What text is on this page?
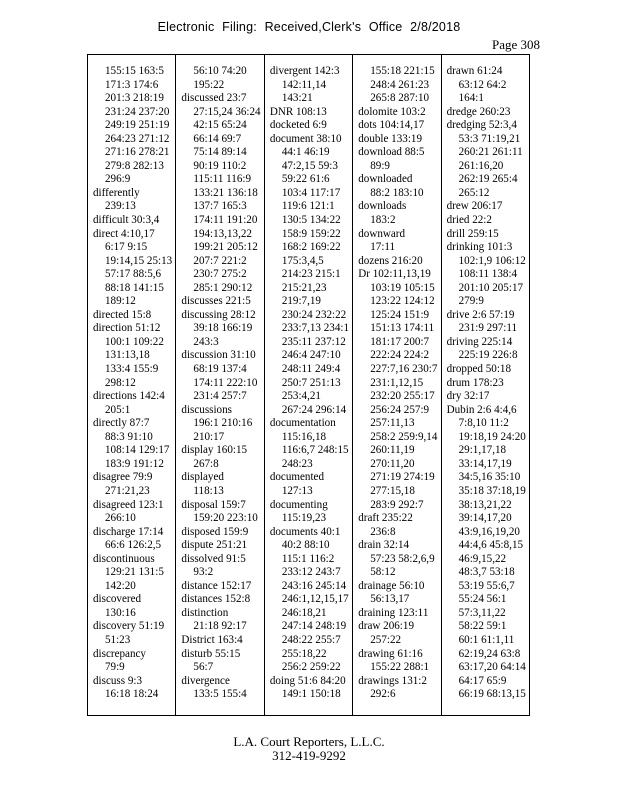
Electronic Filing: Received,Clerk's Office 2/8/2018
Page 308
155:15 163:5
171:3 174:6
201:3 218:19
231:24 237:20
249:19 251:19
264:23 271:12
271:16 278:21
279:8 282:13
296:9
differently
239:13
difficult 30:3,4
direct 4:10,17
6:17 9:15
19:14,15 25:13
57:17 88:5,6
88:18 141:15
189:12
directed 15:8
direction 51:12
100:1 109:22
131:13,18
133:4 155:9
298:12
directions 142:4
205:1
directly 87:7
88:3 91:10
108:14 129:17
183:9 191:12
disagree 79:9
271:21,23
disagreed 123:1
266:10
discharge 17:14
66:6 126:2,5
discontinuous
129:21 131:5
142:20
discovered
130:16
discovery 51:19
51:23
discrepancy
79:9
discuss 9:3
16:18 18:24
56:10 74:20
195:22
discussed 23:7
27:15,24 36:24
42:15 65:24
66:14 69:7
75:14 89:14
90:19 110:2
115:11 116:9
133:21 136:18
137:7 165:3
174:11 191:20
194:13,13,22
199:21 205:12
207:7 221:2
230:7 275:2
285:1 290:12
discusses 221:5
discussing 28:12
39:18 166:19
243:3
discussion 31:10
68:19 137:4
174:11 222:10
231:4 257:7
discussions
196:1 210:16
210:17
display 160:15
267:8
displayed
118:13
disposal 159:7
159:20 223:10
disposed 159:9
dispute 251:21
dissolved 91:5
93:2
distance 152:17
distances 152:8
distinction
21:18 92:17
District 163:4
disturb 55:15
56:7
divergence
133:5 155:4
divergent 142:3
142:11,14
143:21
DNR 108:13
docketed 6:9
document 38:10
44:1 46:19
47:2,15 59:3
59:22 61:6
103:4 117:17
119:6 121:1
130:5 134:22
158:9 159:22
168:2 169:22
175:3,4,5
214:23 215:1
215:21,23
219:7,19
230:24 232:22
233:7,13 234:1
235:11 237:12
246:4 247:10
248:11 249:4
250:7 251:13
253:4,21
267:24 296:14
documentation
115:16,18
116:6,7 248:15
248:23
documented
127:13
documenting
115:19,23
documents 40:1
40:2 88:10
115:1 116:2
233:12 243:7
243:16 245:14
246:1,12,15,17
246:18,21
247:14 248:19
248:22 255:7
255:18,22
256:2 259:22
doing 51:6 84:20
149:1 150:18
155:18 221:15
248:4 261:23
265:8 287:10
dolomite 103:2
dots 104:14,17
double 133:19
download 88:5
89:9
downloaded
88:2 183:10
downloads
183:2
downward
17:11
dozens 216:20
Dr 102:11,13,19
103:19 105:15
123:22 124:12
125:24 151:9
151:13 174:11
181:17 200:7
222:24 224:2
227:7,16 230:7
231:1,12,15
232:20 255:17
256:24 257:9
257:11,13
258:2 259:9,14
260:11,19
270:11,20
271:19 274:19
277:15,18
283:9 292:7
draft 235:22
236:8
drain 32:14
57:23 58:2,6,9
58:12
drainage 56:10
56:13,17
draining 123:11
draw 206:19
257:22
drawing 61:16
155:22 288:1
drawings 131:2
292:6
drawn 61:24
63:12 64:2
164:1
dredge 260:23
dredging 52:3,4
53:3 71:19,21
260:21 261:11
261:16,20
262:19 265:4
265:12
drew 206:17
dried 22:2
drill 259:15
drinking 101:3
102:1,9 106:12
108:11 138:4
201:10 205:17
279:9
drive 2:6 57:19
231:9 297:11
driving 225:14
225:19 226:8
dropped 50:18
drum 178:23
dry 32:17
Dubin 2:6 4:4,6
7:8,10 11:2
19:18,19 24:20
29:1,17,18
33:14,17,19
34:5,16 35:10
35:18 37:18,19
38:13,21,22
39:14,17,20
43:9,16,19,20
44:4,6 45:8,15
46:9,15,22
48:3,7 53:18
53:19 55:6,7
55:24 56:1
57:3,11,22
58:22 59:1
60:1 61:1,11
62:19,24 63:8
63:17,20 64:14
64:17 65:9
66:19 68:13,15
L.A. Court Reporters, L.L.C.
312-419-9292
